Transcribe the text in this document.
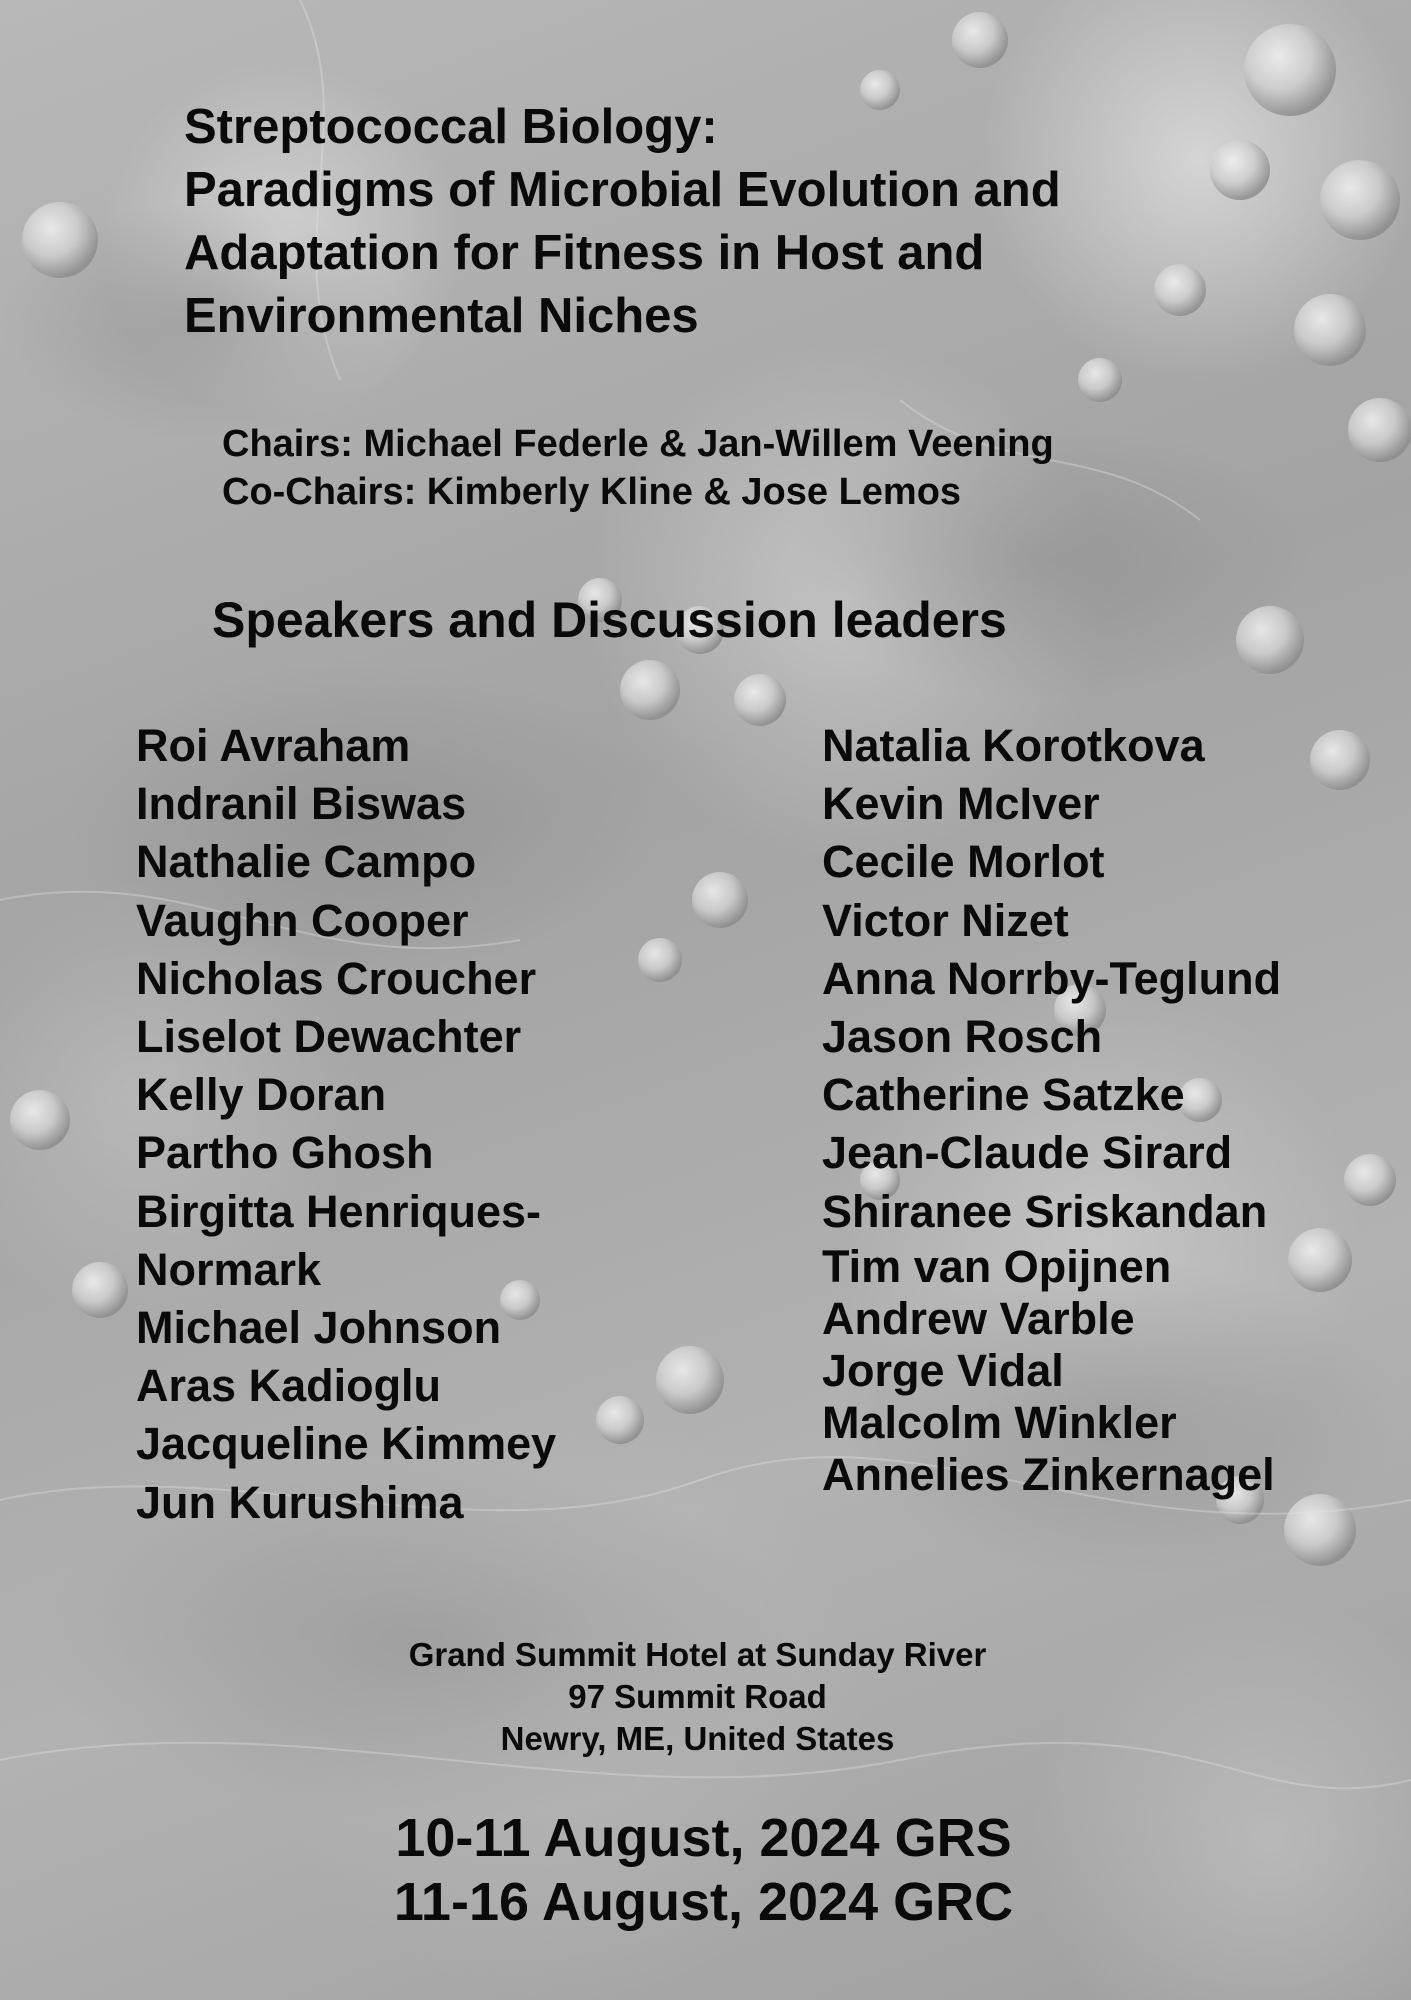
Streptococcal Biology:
Paradigms of Microbial Evolution and
Adaptation for Fitness in Host and
Environmental Niches
Chairs: Michael Federle & Jan-Willem Veening
Co-Chairs: Kimberly Kline & Jose Lemos
Speakers and Discussion leaders
Roi Avraham
Indranil Biswas
Nathalie Campo
Vaughn Cooper
Nicholas Croucher
Liselot Dewachter
Kelly Doran
Partho Ghosh
Birgitta Henriques-
Normark
Michael Johnson
Aras Kadioglu
Jacqueline Kimmey
Jun Kurushima
Natalia Korotkova
Kevin McIver
Cecile Morlot
Victor Nizet
Anna Norrby-Teglund
Jason Rosch
Catherine Satzke
Jean-Claude Sirard
Shiranee Sriskandan
Tim van Opijnen
Andrew Varble
Jorge Vidal
Malcolm Winkler
Annelies Zinkernagel
Grand Summit Hotel at Sunday River
97 Summit Road
Newry, ME, United States
10-11 August, 2024 GRS
11-16 August, 2024 GRC
